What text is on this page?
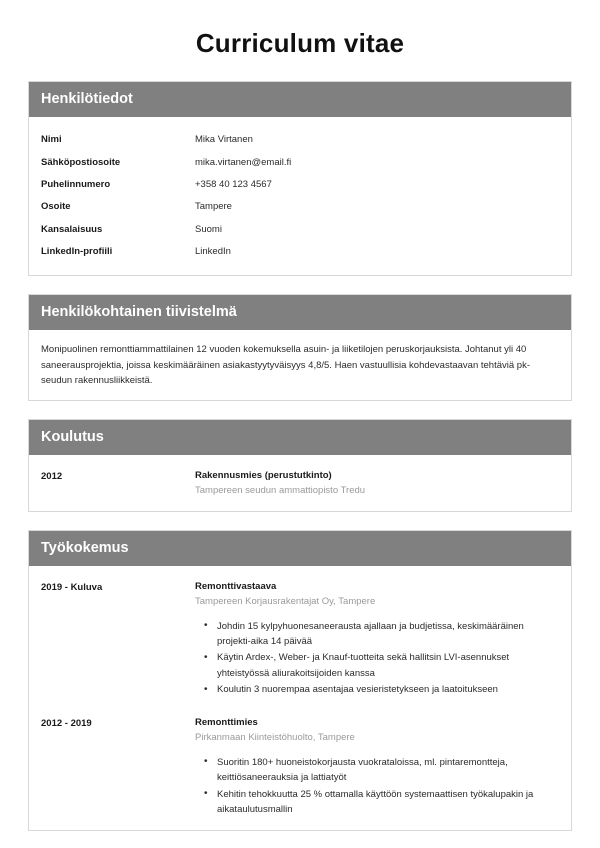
Curriculum vitae
Henkilötiedot
Nimi	Mika Virtanen
Sähköpostiosoite	mika.virtanen@email.fi
Puhelinnumero	+358 40 123 4567
Osoite	Tampere
Kansalaisuus	Suomi
LinkedIn-profiili	LinkedIn
Henkilökohtainen tiivistelmä

Monipuolinen remonttiammattilainen 12 vuoden kokemuksella asuin- ja liiketilojen peruskorjauksista. Johtanut yli 40 saneerausprojektia, joissa keskimääräinen asiakastyytyväisyys 4,8/5. Haen vastuullisia kohdevastaavan tehtäviä pk-seudun rakennusliikkeistä.

Koulutus
2012	Rakennusmies (perustutkinto)
Tampereen seudun ammattiopisto Tredu
Työkokemus
2019 - Kuluva	Remonttivastaava
Tampereen Korjausrakentajat Oy, Tampere
• Johdin 15 kylpyhuonesaneerausta ajallaan ja budjetissa, keskimääräinen projekti-aika 14 päivää
• Käytin Ardex-, Weber- ja Knauf-tuotteita sekä hallitsin LVI-asennukset yhteistyössä aliurakoitsijoiden kanssa
• Koulutin 3 nuorempaa asentajaa vesieristetykseen ja laatoitukseen
2012 - 2019	Remonttimies
Pirkanmaan Kiinteistöhuolto, Tampere
• Suoritin 180+ huoneistokorjausta vuokrataloissa, ml. pintaremontteja, keittiösaneerauksia ja lattiatyöt
• Kehitin tehokkuutta 25 % ottamalla käyttöön systemaattisen työkalupakin ja aikataulutusmallin
